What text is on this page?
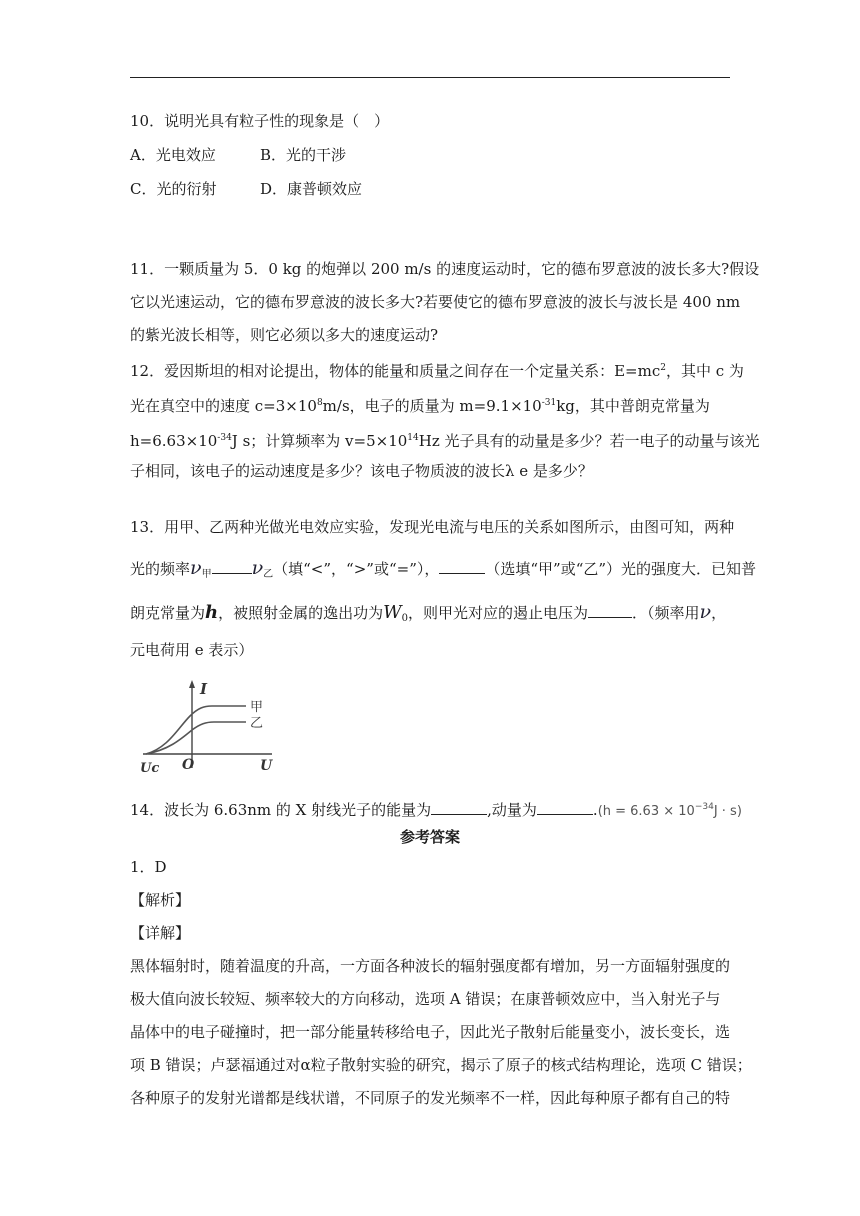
10．说明光具有粒子性的现象是（　）
A．光电效应	B．光的干涉
C．光的衍射	D．康普顿效应
11．一颗质量为 5．0 kg 的炮弹以 200 m/s 的速度运动时，它的德布罗意波的波长多大?假设
它以光速运动，它的德布罗意波的波长多大?若要使它的德布罗意波的波长与波长是 400 nm
的紫光波长相等，则它必须以多大的速度运动?
12．爱因斯坦的相对论提出，物体的能量和质量之间存在一个定量关系：$E=mc^2$，其中 c 为
光在真空中的速度 $c=3\times 10^8m/s$，电子的质量为 $m=9.1\times 10^{-31}kg$，其中普朗克常量为
$h=6.63\times 10^{-34}J$ s；计算频率为 $v=5\times 10^{14}Hz$ 光子具有的动量是多少？若一电子的动量与该光
子相同，该电子的运动速度是多少？该电子物质波的波长λ e 是多少？
13．用甲、乙两种光做光电效应实验，发现光电流与电压的关系如图所示，由图可知，两种
光的频率$\nu_甲$ $\nu_乙$（填“<”，“>”或“=”），	（选填“甲”或“乙”）光的强度大．已知普
朗克常量为h，被照射金属的逸出功为$W_0$，则甲光对应的遏止电压为	．（频率用ν，
元电荷用 e 表示）
I
甲
乙
O
Uc	U
14．波长为 6.63nm 的 X 射线光子的能量为	,动量为	$.(h = 6.63 \times 10^{-34}J \cdot s)$
参考答案
1．D
【解析】
【详解】
黑体辐射时，随着温度的升高，一方面各种波长的辐射强度都有增加，另一方面辐射强度的
极大值向波长较短、频率较大的方向移动，选项 A 错误；在康普顿效应中，当入射光子与
晶体中的电子碰撞时，把一部分能量转移给电子，因此光子散射后能量变小，波长变长，选
项 B 错误；卢瑟福通过对α粒子散射实验的研究，揭示了原子的核式结构理论，选项 C 错误；
各种原子的发射光谱都是线状谱，不同原子的发光频率不一样，因此每种原子都有自己的特
